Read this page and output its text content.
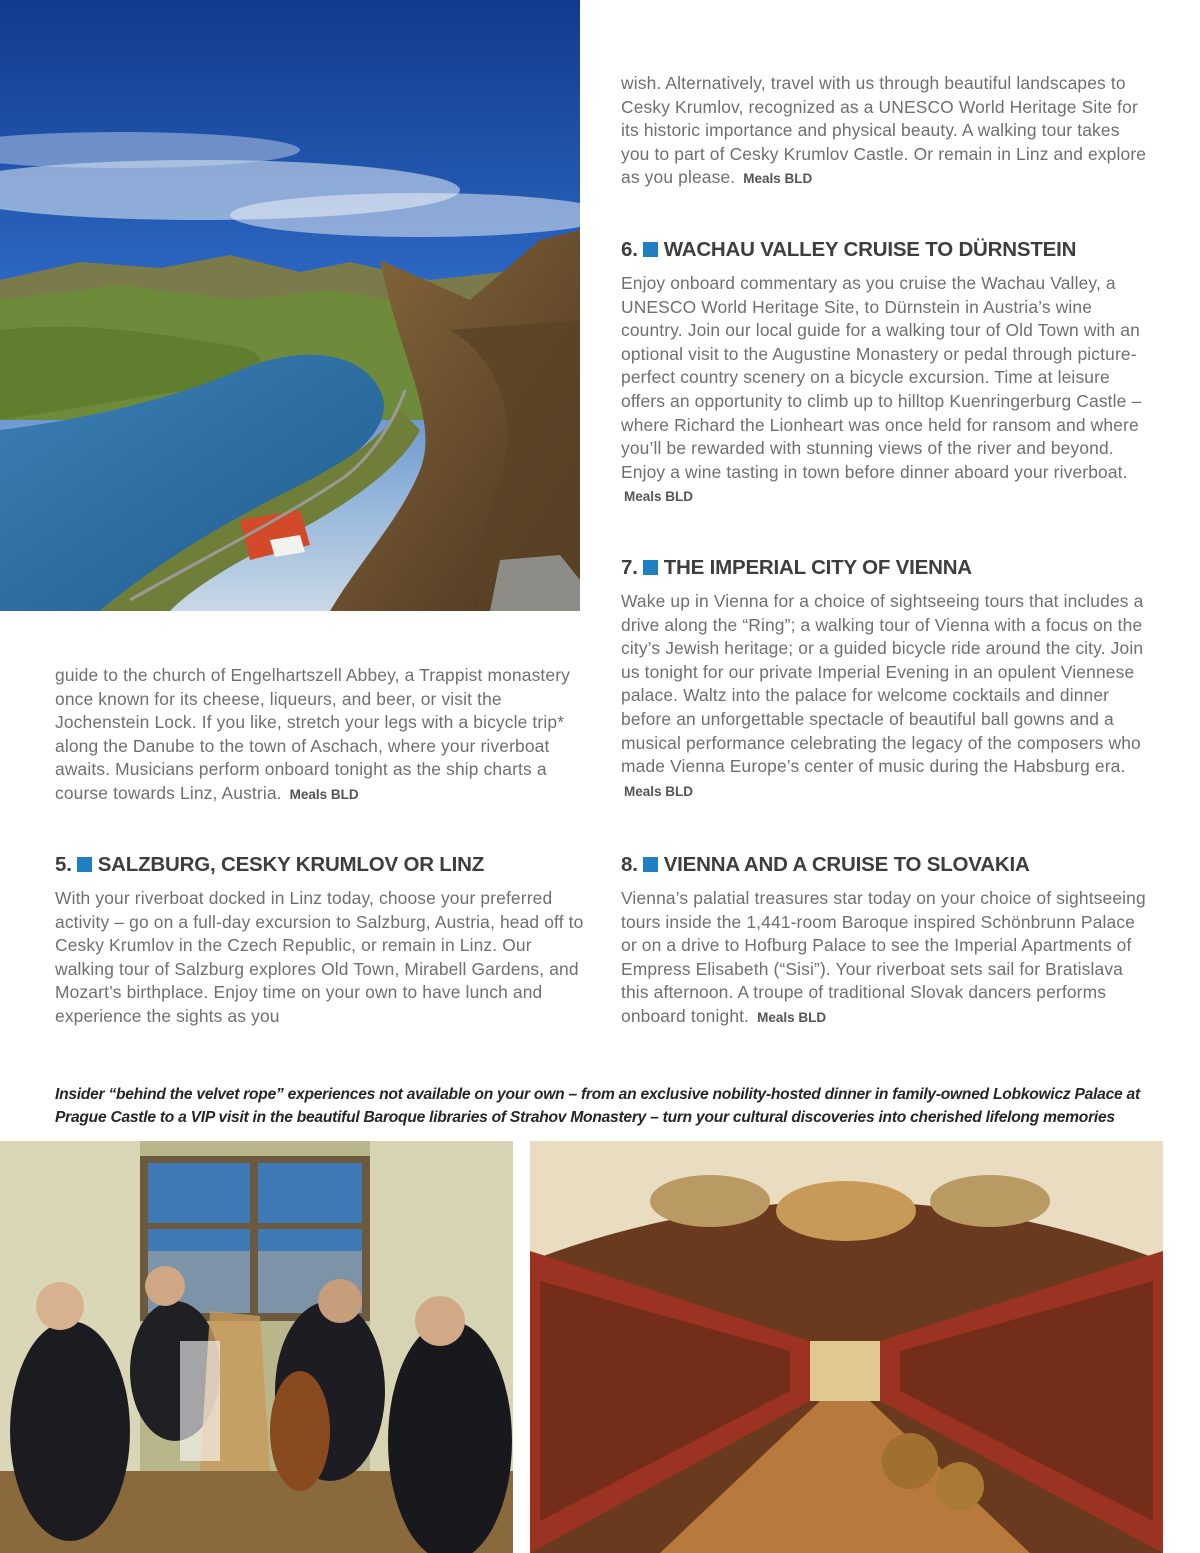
wish. Alternatively, travel with us through beautiful landscapes to Cesky Krumlov, recognized as a UNESCO World Heritage Site for its historic importance and physical beauty. A walking tour takes you to part of Cesky Krumlov Castle. Or remain in Linz and explore as you please. Meals BLD

6. WACHAU VALLEY CRUISE TO DÜRNSTEIN

Enjoy onboard commentary as you cruise the Wachau Valley, a UNESCO World Heritage Site, to Dürnstein in Austria’s wine country. Join our local guide for a walking tour of Old Town with an optional visit to the Augustine Monastery or pedal through picture-perfect country scenery on a bicycle excursion. Time at leisure offers an opportunity to climb up to hilltop Kuenringerburg Castle – where Richard the Lionheart was once held for ransom and where you’ll be rewarded with stunning views of the river and beyond. Enjoy a wine tasting in town before dinner aboard your riverboat. Meals BLD

7. THE IMPERIAL CITY OF VIENNA

Wake up in Vienna for a choice of sightseeing tours that includes a drive along the “Ring”; a walking tour of Vienna with a focus on the city’s Jewish heritage; or a guided bicycle ride around the city. Join us tonight for our private Imperial Evening in an opulent Viennese palace. Waltz into the palace for welcome cocktails and dinner before an unforgettable spectacle of beautiful ball gowns and a musical performance celebrating the legacy of the composers who made Vienna Europe’s center of music during the Habsburg era. Meals BLD

guide to the church of Engelhartszell Abbey, a Trappist monastery once known for its cheese, liqueurs, and beer, or visit the Jochenstein Lock. If you like, stretch your legs with a bicycle trip* along the Danube to the town of Aschach, where your riverboat awaits. Musicians perform onboard tonight as the ship charts a course towards Linz, Austria. Meals BLD

5. SALZBURG, CESKY KRUMLOV OR LINZ

With your riverboat docked in Linz today, choose your preferred activity – go on a full-day excursion to Salzburg, Austria, head off to Cesky Krumlov in the Czech Republic, or remain in Linz. Our walking tour of Salzburg explores Old Town, Mirabell Gardens, and Mozart’s birthplace. Enjoy time on your own to have lunch and experience the sights as you

8. VIENNA AND A CRUISE TO SLOVAKIA

Vienna’s palatial treasures star today on your choice of sightseeing tours inside the 1,441-room Baroque inspired Schönbrunn Palace or on a drive to Hofburg Palace to see the Imperial Apartments of Empress Elisabeth (“Sisi”). Your riverboat sets sail for Bratislava this afternoon. A troupe of traditional Slovak dancers performs onboard tonight. Meals BLD

Insider “behind the velvet rope” experiences not available on your own – from an exclusive nobility-hosted dinner in family-owned Lobkowicz Palace at Prague Castle to a VIP visit in the beautiful Baroque libraries of Strahov Monastery – turn your cultural discoveries into cherished lifelong memories
